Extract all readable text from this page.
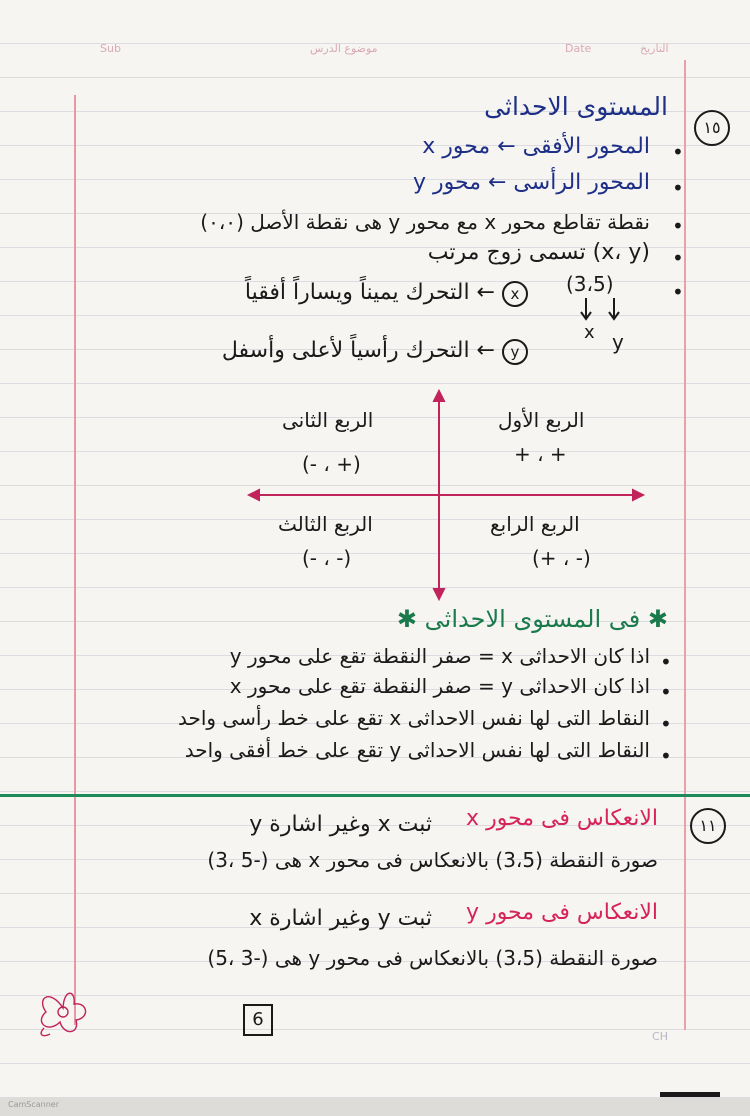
Sub	موضوع الدرس	Date	التاريخ
١٥
المستوى الاحداثى
•
المحور الأفقى ← محور x
•
المحور الرأسى ← محور y
•
نقطة تقاطع محور x مع محور y هى نقطة الأصل (٠،٠)
•
(x، y) تسمى زوج مرتب
•
(3،5)
x y
x ← التحرك يميناً ويساراً أفقياً
y ← التحرك رأسياً لأعلى وأسفل
الربع الأول
+ ، +
الربع الثانى
(- ، +)
الربع الثالث
(- ، -)
الربع الرابع
(+ ، -)
✱ فى المستوى الاحداثى ✱
•
اذا كان الاحداثى x = صفر النقطة تقع على محور y
•
اذا كان الاحداثى y = صفر النقطة تقع على محور x
•
النقاط التى لها نفس الاحداثى x تقع على خط رأسى واحد
•
النقاط التى لها نفس الاحداثى y تقع على خط أفقى واحد
١١
الانعكاس فى محور x
ثبت x وغير اشارة y
صورة النقطة (3،5) بالانعكاس فى محور x هى (-5 ،3)
الانعكاس فى محور y
ثبت y وغير اشارة x
صورة النقطة (3،5) بالانعكاس فى محور y هى (-3 ،5)
6
CH
CamScanner
